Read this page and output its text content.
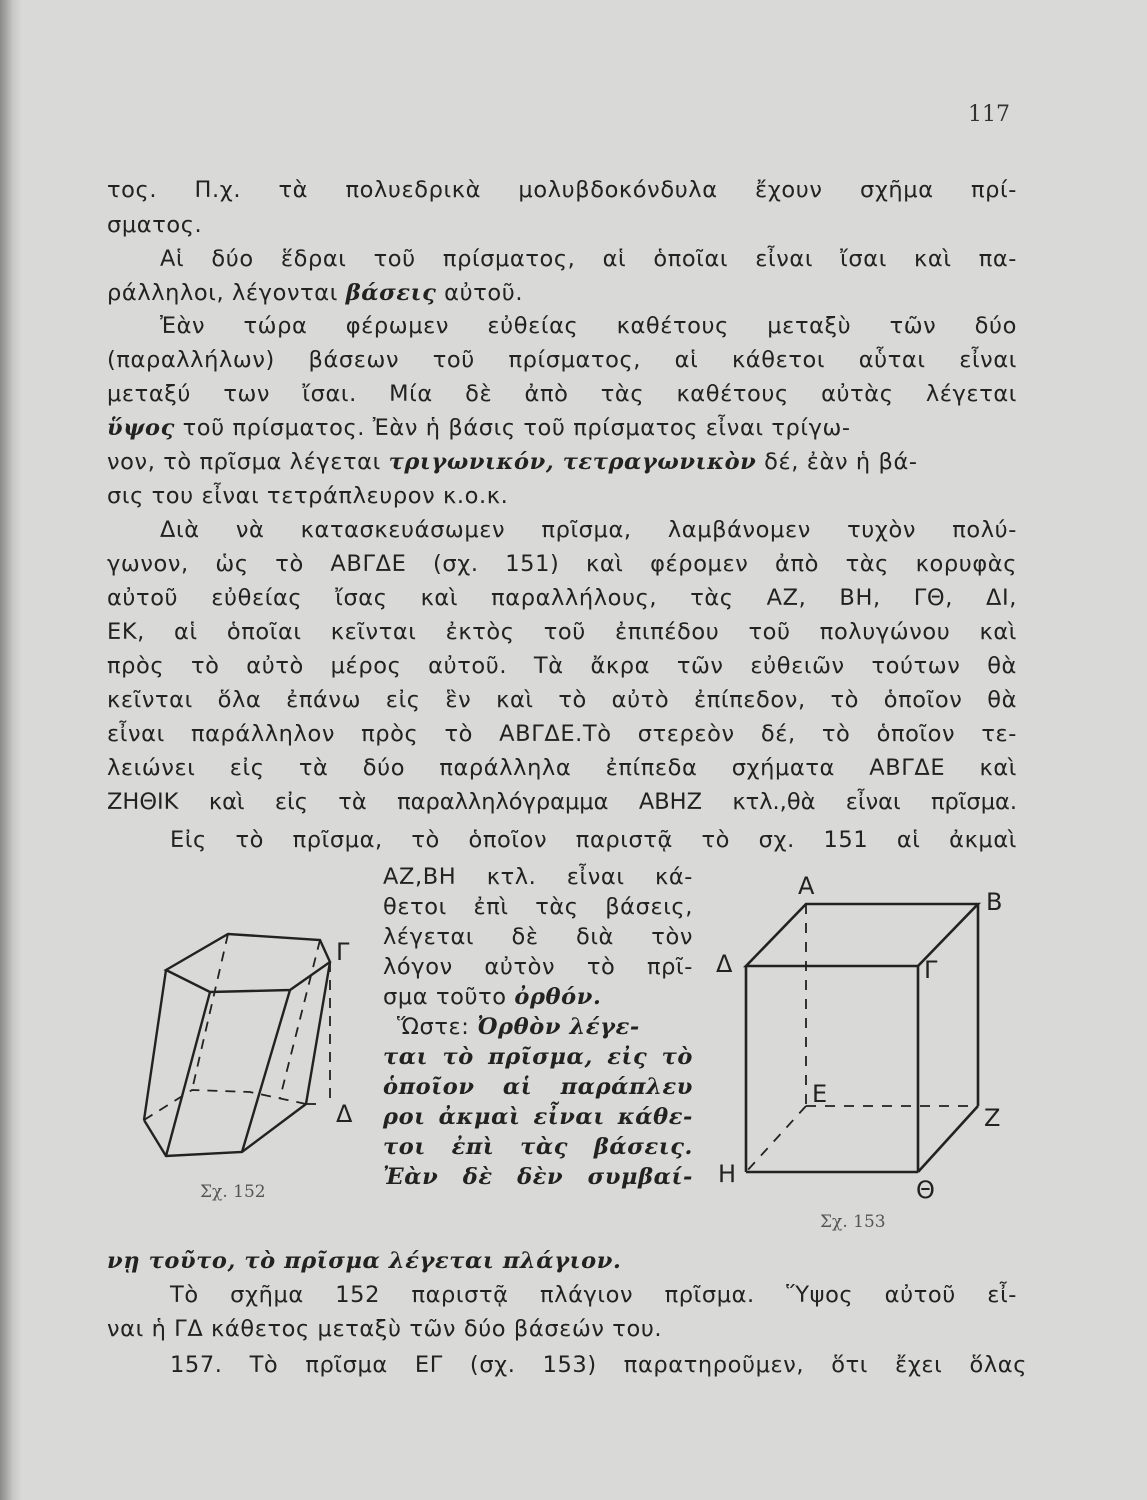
117
τος. Π.χ. τὰ πολυεδρικὰ μολυβδοκόνδυλα ἔχουν σχῆμα πρί-
σματος.
Αἱ δύο ἕδραι τοῦ πρίσματος, αἱ ὁποῖαι εἶναι ἴσαι καὶ πα-
ράλληλοι, λέγονται βάσεις αὐτοῦ.
Ἐὰν τώρα φέρωμεν εὐθείας καθέτους μεταξὺ τῶν δύο
(παραλλήλων) βάσεων τοῦ πρίσματος, αἱ κάθετοι αὗται εἶναι
μεταξύ των ἴσαι. Μία δὲ ἀπὸ τὰς καθέτους αὐτὰς λέγεται
ὕψος τοῦ πρίσματος. Ἐὰν ἡ βάσις τοῦ πρίσματος εἶναι τρίγω-
νον, τὸ πρῖσμα λέγεται τριγωνικόν, τετραγωνικὸν δέ, ἐὰν ἡ βά-
σις του εἶναι τετράπλευρον κ.ο.κ.
Διὰ νὰ κατασκευάσωμεν πρῖσμα, λαμβάνομεν τυχὸν πολύ-
γωνον, ὡς τὸ ΑΒΓΔΕ (σχ. 151) καὶ φέρομεν ἀπὸ τὰς κορυφὰς
αὐτοῦ εὐθείας ἴσας καὶ παραλλήλους, τὰς ΑΖ, ΒΗ, ΓΘ, ΔΙ,
ΕΚ, αἱ ὁποῖαι κεῖνται ἐκτὸς τοῦ ἐπιπέδου τοῦ πολυγώνου καὶ
πρὸς τὸ αὐτὸ μέρος αὐτοῦ. Τὰ ἄκρα τῶν εὐθειῶν τούτων θὰ
κεῖνται ὅλα ἐπάνω εἰς ἓν καὶ τὸ αὐτὸ ἐπίπεδον, τὸ ὁποῖον θὰ
εἶναι παράλληλον πρὸς τὸ ΑΒΓΔΕ.Τὸ στερεὸν δέ, τὸ ὁποῖον τε-
λειώνει εἰς τὰ δύο παράλληλα ἐπίπεδα σχήματα ΑΒΓΔΕ καὶ
ΖΗΘΙΚ καὶ εἰς τὰ παραλληλόγραμμα ΑΒΗΖ κτλ.,θὰ εἶναι πρῖσμα.
Εἰς τὸ πρῖσμα, τὸ ὁποῖον παριστᾷ τὸ σχ. 151 αἱ ἀκμαὶ
ΑΖ,ΒΗ κτλ. εἶναι κά-
θετοι ἐπὶ τὰς βάσεις,
λέγεται δὲ διὰ τὸν
λόγον αὐτὸν τὸ πρῖ-
σμα τοῦτο ὀρθόν.
Ὥστε: Ὀρθὸν λέγε-
ται τὸ πρῖσμα, εἰς τὸ
ὁποῖον αἱ παράπλευ
ροι ἀκμαὶ εἶναι κάθε-
τοι ἐπὶ τὰς βάσεις.
Ἐὰν δὲ δὲν συμβαί-
νῃ τοῦτο, τὸ πρῖσμα λέγεται πλάγιον.
Τὸ σχῆμα 152 παριστᾷ πλάγιον πρῖσμα. Ὕψος αὐτοῦ εἶ-
ναι ἡ ΓΔ κάθετος μεταξὺ τῶν δύο βάσεών του.
157. Τὸ πρῖσμα ΕΓ (σχ. 153) παρατηροῦμεν, ὅτι ἔχει ὅλας
Γ
Δ
Σχ. 152
Α
Β
Δ	Γ
Ε
Ζ
Η
Θ
Σχ. 153
